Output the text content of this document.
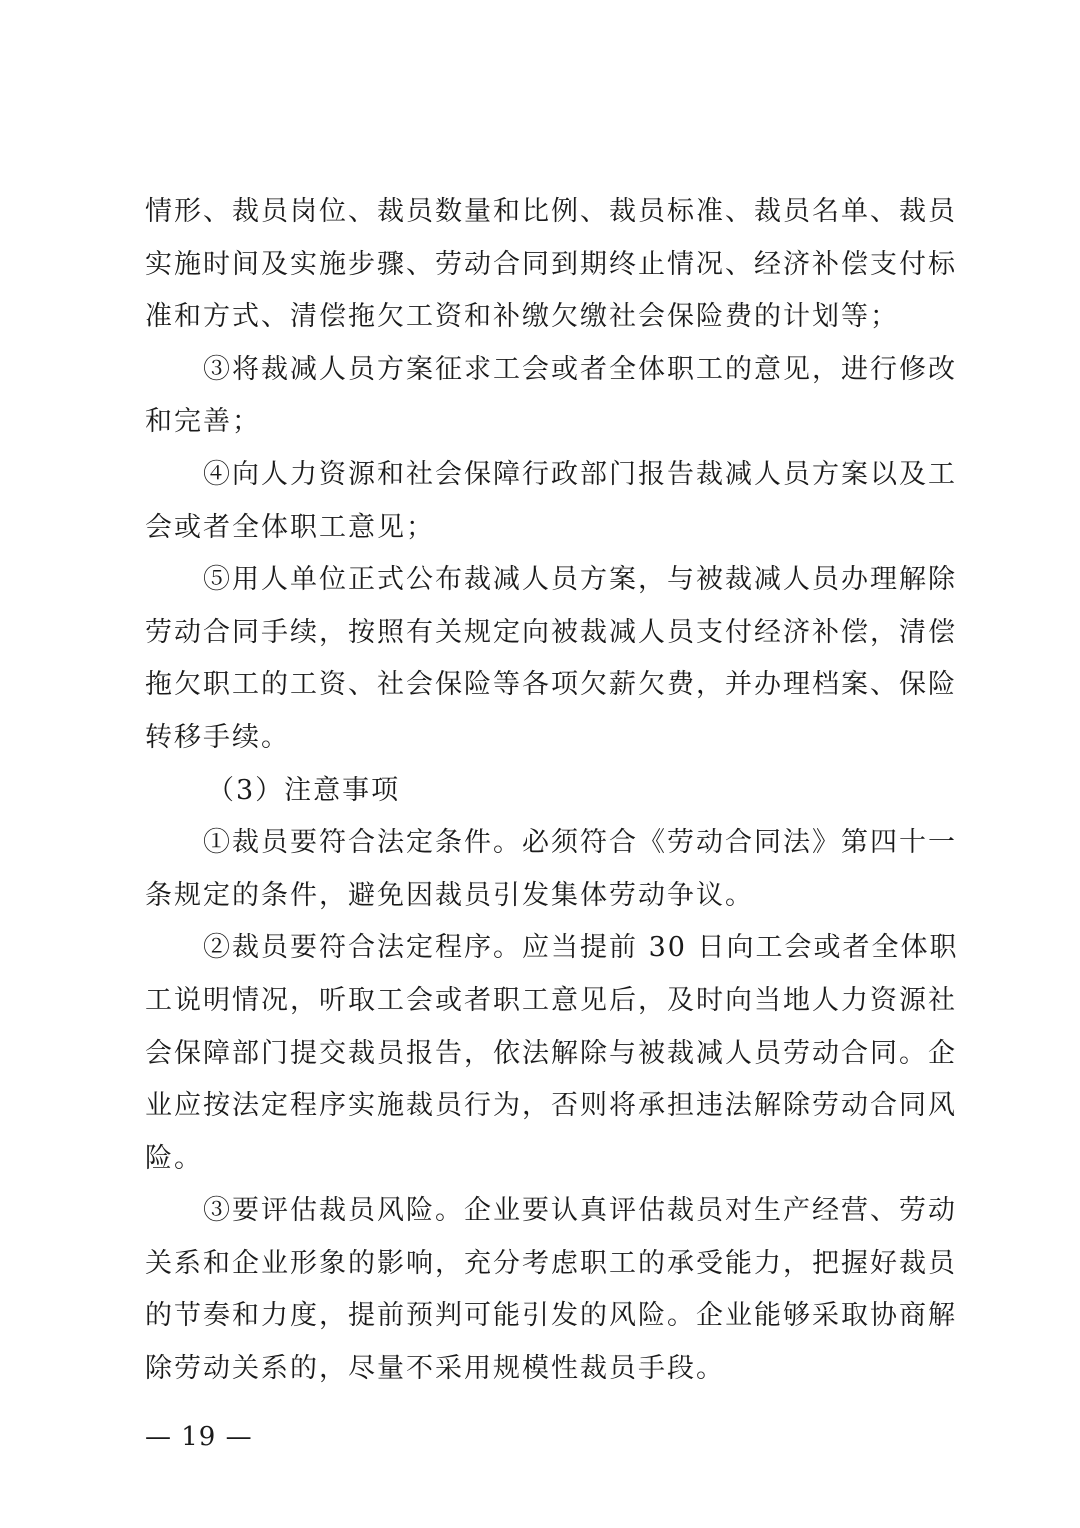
情形、裁员岗位、裁员数量和比例、裁员标准、裁员名单、裁员
实施时间及实施步骤、劳动合同到期终止情况、经济补偿支付标
准和方式、清偿拖欠工资和补缴欠缴社会保险费的计划等；
③将裁减人员方案征求工会或者全体职工的意见，进行修改
和完善；
④向人力资源和社会保障行政部门报告裁减人员方案以及工
会或者全体职工意见；
⑤用人单位正式公布裁减人员方案，与被裁减人员办理解除
劳动合同手续，按照有关规定向被裁减人员支付经济补偿，清偿
拖欠职工的工资、社会保险等各项欠薪欠费，并办理档案、保险
转移手续。
（3）注意事项
①裁员要符合法定条件。必须符合《劳动合同法》第四十一
条规定的条件，避免因裁员引发集体劳动争议。
②裁员要符合法定程序。应当提前 30 日向工会或者全体职
工说明情况，听取工会或者职工意见后，及时向当地人力资源社
会保障部门提交裁员报告，依法解除与被裁减人员劳动合同。企
业应按法定程序实施裁员行为，否则将承担违法解除劳动合同风
险。
③要评估裁员风险。企业要认真评估裁员对生产经营、劳动
关系和企业形象的影响，充分考虑职工的承受能力，把握好裁员
的节奏和力度，提前预判可能引发的风险。企业能够采取协商解
除劳动关系的，尽量不采用规模性裁员手段。
— 19 —
